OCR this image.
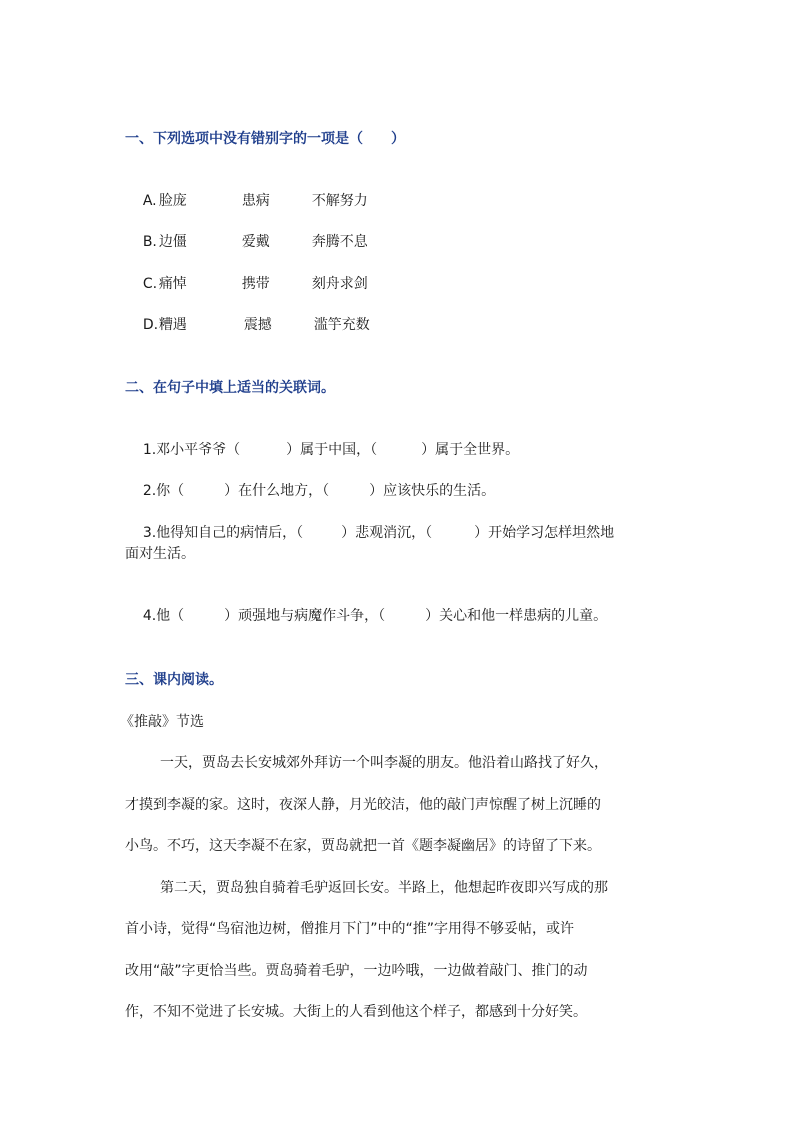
一、下列选项中没有错别字的一项是（　　）

A. 脸庞	患病	不解努力

B. 边僵	爱戴	奔腾不息

C. 痛悼	携带	刻舟求剑

D.糟遇	震撼	滥竽充数

二、在句子中填上适当的关联词。

1.邓小平爷爷（	）属于中国，（	）属于全世界。

2.你（	）在什么地方，（	）应该快乐的生活。

3.他得知自己的病情后，（	）悲观消沉，（	）开始学习怎样坦然地

面对生活。

4.他（	）顽强地与病魔作斗争，（	）关心和他一样患病的儿童。

三、课内阅读。
《推敲》节选
一天，贾岛去长安城郊外拜访一个叫李凝的朋友。他沿着山路找了好久，
才摸到李凝的家。这时，夜深人静，月光皎洁，他的敲门声惊醒了树上沉睡的
小鸟。不巧，这天李凝不在家，贾岛就把一首《题李凝幽居》的诗留了下来。
第二天，贾岛独自骑着毛驴返回长安。半路上，他想起昨夜即兴写成的那
首小诗，觉得“鸟宿池边树，僧推月下门”中的“推”字用得不够妥帖，或许
改用“敲”字更恰当些。贾岛骑着毛驴，一边吟哦，一边做着敲门、推门的动
作，不知不觉进了长安城。大街上的人看到他这个样子，都感到十分好笑。
